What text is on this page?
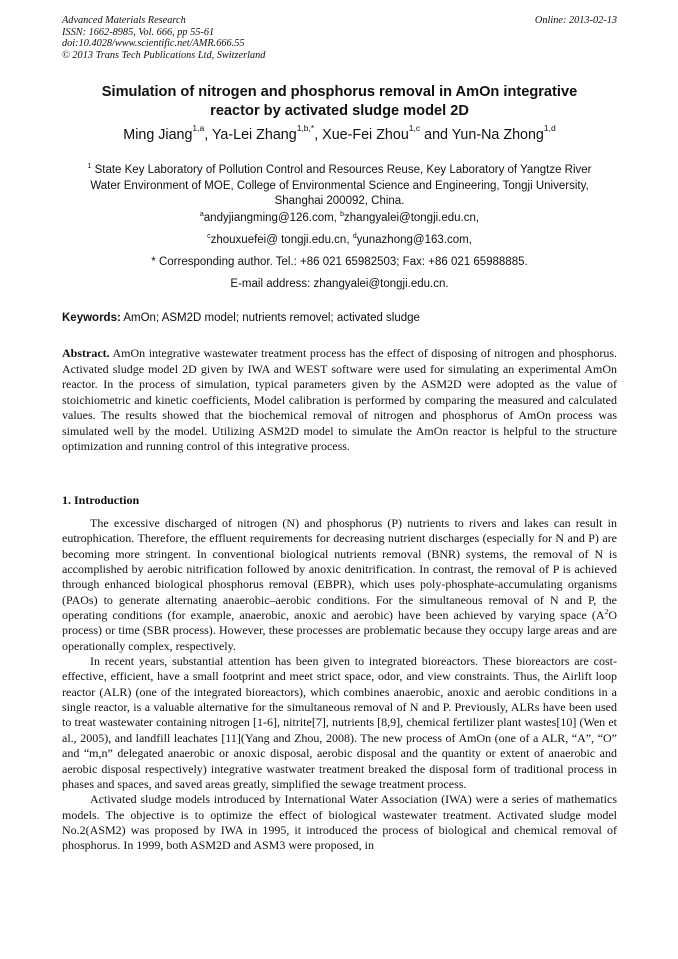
Advanced Materials Research
ISSN: 1662-8985, Vol. 666, pp 55-61
doi:10.4028/www.scientific.net/AMR.666.55
© 2013 Trans Tech Publications Ltd, Switzerland
Online: 2013-02-13
Simulation of nitrogen and phosphorus removal in AmOn integrative
reactor by activated sludge model 2D
Ming Jiang$^{1,a}$, Ya-Lei Zhang$^{1,b,*}$, Xue-Fei Zhou$^{1,c}$ and Yun-Na Zhong$^{1,d}$
$^1$ State Key Laboratory of Pollution Control and Resources Reuse, Key Laboratory of Yangtze River
Water Environment of MOE, College of Environmental Science and Engineering, Tongji University,
Shanghai 200092, China.
$^a$andyjiangming@126.com, $^b$zhangyalei@tongji.edu.cn,
$^c$zhouxuefei@ tongji.edu.cn, $^d$yunazhong@163.com,
* Corresponding author. Tel.: +86 021 65982503; Fax: +86 021 65988885.
E-mail address: zhangyalei@tongji.edu.cn.
Keywords: AmOn; ASM2D model; nutrients removel; activated sludge
Abstract. AmOn integrative wastewater treatment process has the effect of disposing of nitrogen and phosphorus. Activated sludge model 2D given by IWA and WEST software were used for simulating an experimental AmOn reactor. In the process of simulation, typical parameters given by the ASM2D were adopted as the value of stoichiometric and kinetic coefficients, Model calibration is performed by comparing the measured and calculated values. The results showed that the biochemical removal of nitrogen and phosphorus of AmOn process was simulated well by the model. Utilizing ASM2D model to simulate the AmOn reactor is helpful to the structure optimization and running control of this integrative process.
1. Introduction

The excessive discharged of nitrogen (N) and phosphorus (P) nutrients to rivers and lakes can result in eutrophication. Therefore, the effluent requirements for decreasing nutrient discharges (especially for N and P) are becoming more stringent. In conventional biological nutrients removal (BNR) systems, the removal of N is accomplished by aerobic nitrification followed by anoxic denitrification. In contrast, the removal of P is achieved through enhanced biological phosphorus removal (EBPR), which uses poly-phosphate-accumulating organisms (PAOs) to generate alternating anaerobic–aerobic conditions. For the simultaneous removal of N and P, the operating conditions (for example, anaerobic, anoxic and aerobic) have been achieved by varying space ($A^2O$ process) or time (SBR process). However, these processes are problematic because they occupy large areas and are operationally complex, respectively.

In recent years, substantial attention has been given to integrated bioreactors. These bioreactors are cost-effective, efficient, have a small footprint and meet strict space, odor, and view constraints. Thus, the Airlift loop reactor (ALR) (one of the integrated bioreactors), which combines anaerobic, anoxic and aerobic conditions in a single reactor, is a valuable alternative for the simultaneous removal of N and P. Previously, ALRs have been used to treat wastewater containing nitrogen [1-6], nitrite[7], nutrients [8,9], chemical fertilizer plant wastes[10] (Wen et al., 2005), and landfill leachates [11](Yang and Zhou, 2008). The new process of AmOn (one of a ALR, “A”, “O” and “m,n” delegated anaerobic or anoxic disposal, aerobic disposal and the quantity or extent of anaerobic and aerobic disposal respectively) integrative wastwater treatment breaked the disposal form of traditional process in phases and spaces, and saved areas greatly, simplified the sewage treatment process.

Activated sludge models introduced by International Water Association (IWA) were a series of mathematics models. The objective is to optimize the effect of biological wastewater treatment. Activated sludge model No.2(ASM2) was proposed by IWA in 1995, it introduced the process of biological and chemical removal of phosphorus. In 1999, both ASM2D and ASM3 were proposed, in
